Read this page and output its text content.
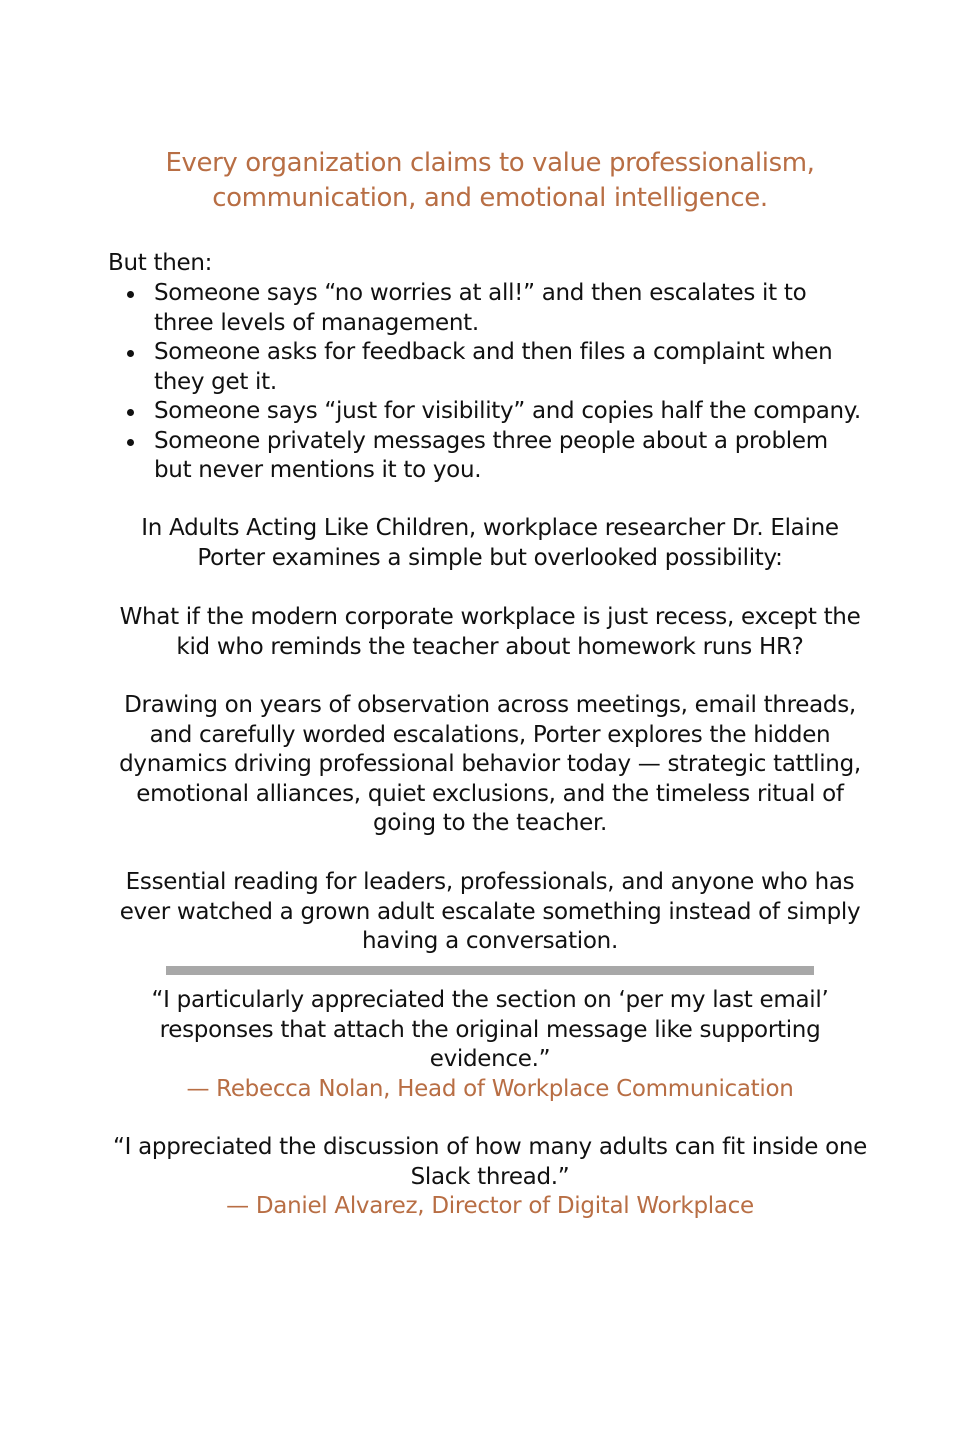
Every organization claims to value professionalism,
communication, and emotional intelligence.
But then:
Someone says “no worries at all!” and then escalates it to three levels of management.
Someone asks for feedback and then files a complaint when they get it.
Someone says “just for visibility” and copies half the company.
Someone privately messages three people about a problem but never mentions it to you.
In Adults Acting Like Children, workplace researcher Dr. Elaine Porter examines a simple but overlooked possibility:
What if the modern corporate workplace is just recess, except the kid who reminds the teacher about homework runs HR?
Drawing on years of observation across meetings, email threads, and carefully worded escalations, Porter explores the hidden dynamics driving professional behavior today — strategic tattling, emotional alliances, quiet exclusions, and the timeless ritual of going to the teacher.
Essential reading for leaders, professionals, and anyone who has ever watched a grown adult escalate something instead of simply having a conversation.
“I particularly appreciated the section on ‘per my last email’ responses that attach the original message like supporting evidence.”
— Rebecca Nolan, Head of Workplace Communication
“I appreciated the discussion of how many adults can fit inside one Slack thread.”
— Daniel Alvarez, Director of Digital Workplace
